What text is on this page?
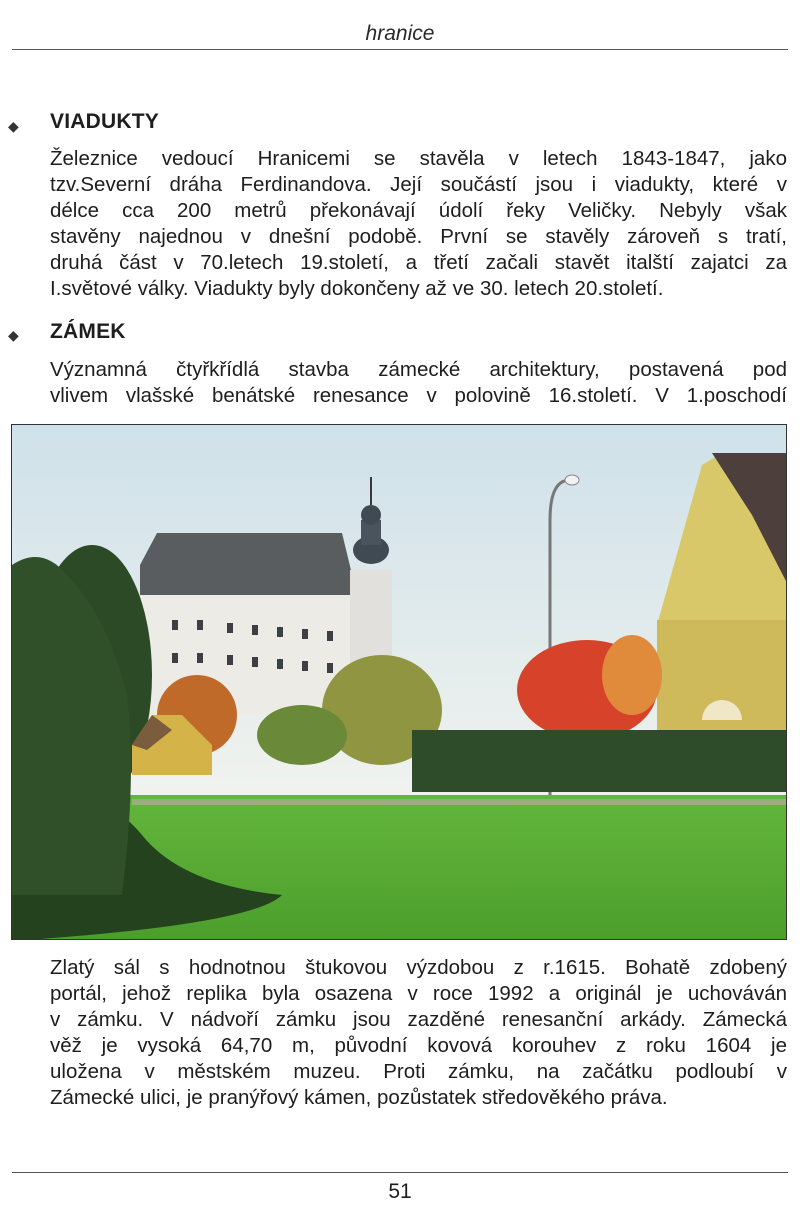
hranice
◆ VIADUKTY
Železnice vedoucí Hranicemi se stavěla v letech 1843-1847, jako
tzv.Severní dráha Ferdinandova. Její součástí jsou i viadukty, které v
délce cca 200 metrů překonávají údolí řeky Veličky. Nebyly však
stavěny najednou v dnešní podobě. První se stavěly zároveň s tratí,
druhá část v 70.letech 19.století, a třetí začali stavět italští zajatci za
I.světové války. Viadukty byly dokončeny až ve 30. letech 20.století.
◆ ZÁMEK
Významná čtyřkřídlá stavba zámecké architektury, postavená pod
vlivem vlašské benátské renesance v polovině 16.století. V 1.poschodí
Zlatý sál s hodnotnou štukovou výzdobou z r.1615. Bohatě zdobený
portál, jehož replika byla osazena v roce 1992 a originál je uchováván
v zámku. V nádvoří zámku jsou zazděné renesanční arkády. Zámecká
věž je vysoká 64,70 m, původní kovová korouhev z roku 1604 je
uložena v městském muzeu. Proti zámku, na začátku podloubí v
Zámecké ulici, je pranýřový kámen, pozůstatek středověkého práva.
51
